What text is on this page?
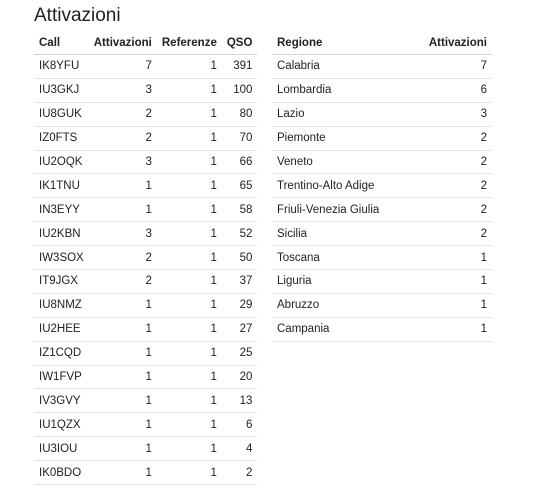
Attivazioni
Call	Attivazioni	Referenze	QSO
IK8YFU	7	1	391
IU3GKJ	3	1	100
IU8GUK	2	1	80
IZ0FTS	2	1	70
IU2OQK	3	1	66
IK1TNU	1	1	65
IN3EYY	1	1	58
IU2KBN	3	1	52
IW3SOX	2	1	50
IT9JGX	2	1	37
IU8NMZ	1	1	29
IU2HEE	1	1	27
IZ1CQD	1	1	25
IW1FVP	1	1	20
IV3GVY	1	1	13
IU1QZX	1	1	6
IU3IOU	1	1	4
IK0BDO	1	1	2
Regione	Attivazioni
Calabria	7
Lombardia	6
Lazio	3
Piemonte	2
Veneto	2
Trentino-Alto Adige	2
Friuli-Venezia Giulia	2
Sicilia	2
Toscana	1
Liguria	1
Abruzzo	1
Campania	1
